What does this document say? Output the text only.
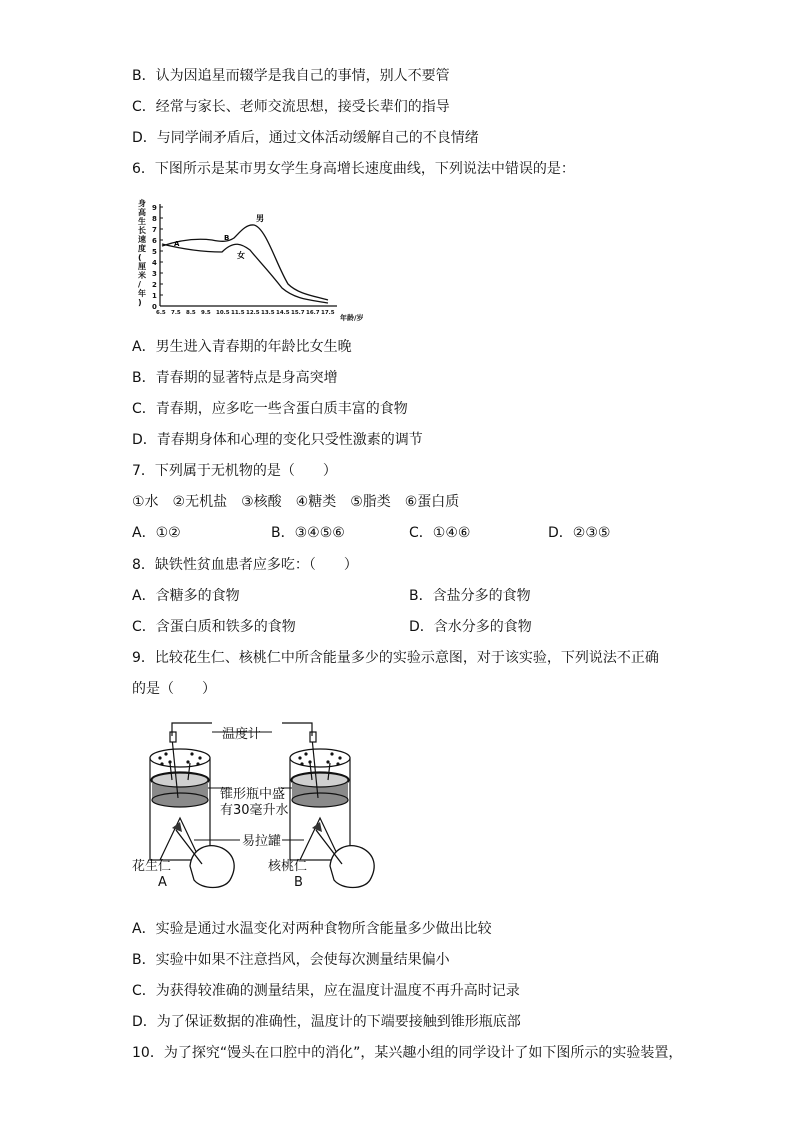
B．认为因追星而辍学是我自己的事情，别人不要管
C．经常与家长、老师交流思想，接受长辈们的指导
D．与同学闹矛盾后，通过文体活动缓解自己的不良情绪
6．下图所示是某市男女学生身高增长速度曲线，下列说法中错误的是：
身
高
生
长
速
度
(
厘
米
/
年
) 0
1
2
3
4
5
6
7
8
9
6.5 7.5 8.5 9.5 10.5 11.5 12.5 13.5 14.5 15.7 16.7 17.5
年龄/岁
A
B
男
女
A．男生进入青春期的年龄比女生晚
B．青春期的显著特点是身高突增
C．青春期，应多吃一些含蛋白质丰富的食物
D．青春期身体和心理的变化只受性激素的调节
7．下列属于无机物的是（　　）
①水　②无机盐　③核酸　④糖类　⑤脂类　⑥蛋白质
A．①②	B．③④⑤⑥	C．①④⑥	D．②③⑤
8．缺铁性贫血患者应多吃：（　　）
A．含糖多的食物	B．含盐分多的食物
C．含蛋白质和铁多的食物	D．含水分多的食物
9．比较花生仁、核桃仁中所含能量多少的实验示意图，对于该实验，下列说法不正确
的是（　　）
温度计
锥形瓶中盛
有30毫升水
易拉罐
花生仁
A
核桃仁
B
A．实验是通过水温变化对两种食物所含能量多少做出比较
B．实验中如果不注意挡风，会使每次测量结果偏小
C．为获得较准确的测量结果，应在温度计温度不再升高时记录
D．为了保证数据的准确性，温度计的下端要接触到锥形瓶底部
10．为了探究“馒头在口腔中的消化”，某兴趣小组的同学设计了如下图所示的实验装置，
